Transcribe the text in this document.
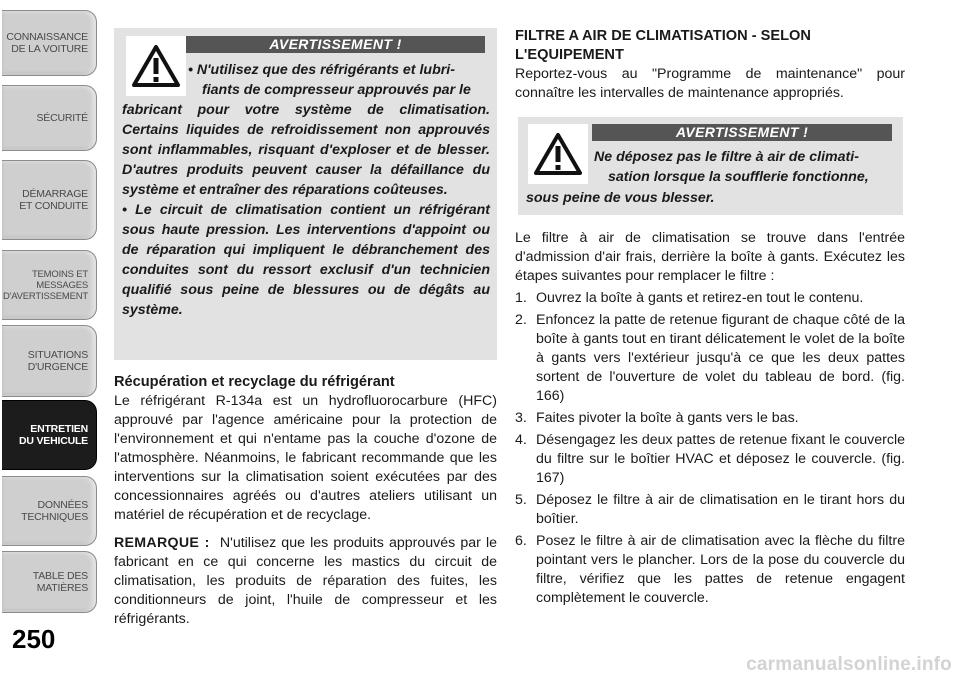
CONNAISSANCE
DE LA VOITURE
SÉCURITÉ
DÉMARRAGE
ET CONDUITE
TEMOINS ET
MESSAGES
D'AVERTISSEMENT
SITUATIONS
D'URGENCE
ENTRETIEN
DU VEHICULE
DONNÉES
TECHNIQUES
TABLE DES
MATIÈRES
250
AVERTISSEMENT !
• N'utilisez que des réfrigérants et lubri-
fiants de compresseur approuvés par le
fabricant pour votre système de climatisation. Certains liquides de refroidissement non approuvés sont inflammables, risquant d'exploser et de blesser. D'autres produits peuvent causer la défaillance du système et entraîner des réparations coûteuses.
• Le circuit de climatisation contient un réfrigérant sous haute pression. Les interventions d'appoint ou de réparation qui impliquent le débranchement des conduites sont du ressort exclusif d'un technicien qualifié sous peine de blessures ou de dégâts au système.
Récupération et recyclage du réfrigérant

Le réfrigérant R-134a est un hydrofluorocarbure (HFC) approuvé par l'agence américaine pour la protection de l'environnement et qui n'entame pas la couche d'ozone de l'atmosphère. Néanmoins, le fabricant recommande que les interventions sur la climatisation soient exécutées par des concessionnaires agréés ou d'autres ateliers utilisant un matériel de récupération et de recyclage.

REMARQUE : N'utilisez que les produits approuvés par le fabricant en ce qui concerne les mastics du circuit de climatisation, les produits de réparation des fuites, les conditionneurs de joint, l'huile de compresseur et les réfrigérants.

FILTRE A AIR DE CLIMATISATION - SELON L'EQUIPEMENT

Reportez-vous au "Programme de maintenance" pour connaître les intervalles de maintenance appropriés.

AVERTISSEMENT !
Ne déposez pas le filtre à air de climati-
sation lorsque la soufflerie fonctionne,
sous peine de vous blesser.

Le filtre à air de climatisation se trouve dans l'entrée d'admission d'air frais, derrière la boîte à gants. Exécutez les étapes suivantes pour remplacer le filtre :

1. Ouvrez la boîte à gants et retirez-en tout le contenu.
2. Enfoncez la patte de retenue figurant de chaque côté de la boîte à gants tout en tirant délicatement le volet de la boîte à gants vers l'extérieur jusqu'à ce que les deux pattes sortent de l'ouverture de volet du tableau de bord. (fig. 166)
3. Faites pivoter la boîte à gants vers le bas.
4. Désengagez les deux pattes de retenue fixant le couvercle du filtre sur le boîtier HVAC et déposez le couvercle. (fig. 167)
5. Déposez le filtre à air de climatisation en le tirant hors du boîtier.
6. Posez le filtre à air de climatisation avec la flèche du filtre pointant vers le plancher. Lors de la pose du couvercle du filtre, vérifiez que les pattes de retenue engagent complètement le couvercle.
carmanualsonline.info
